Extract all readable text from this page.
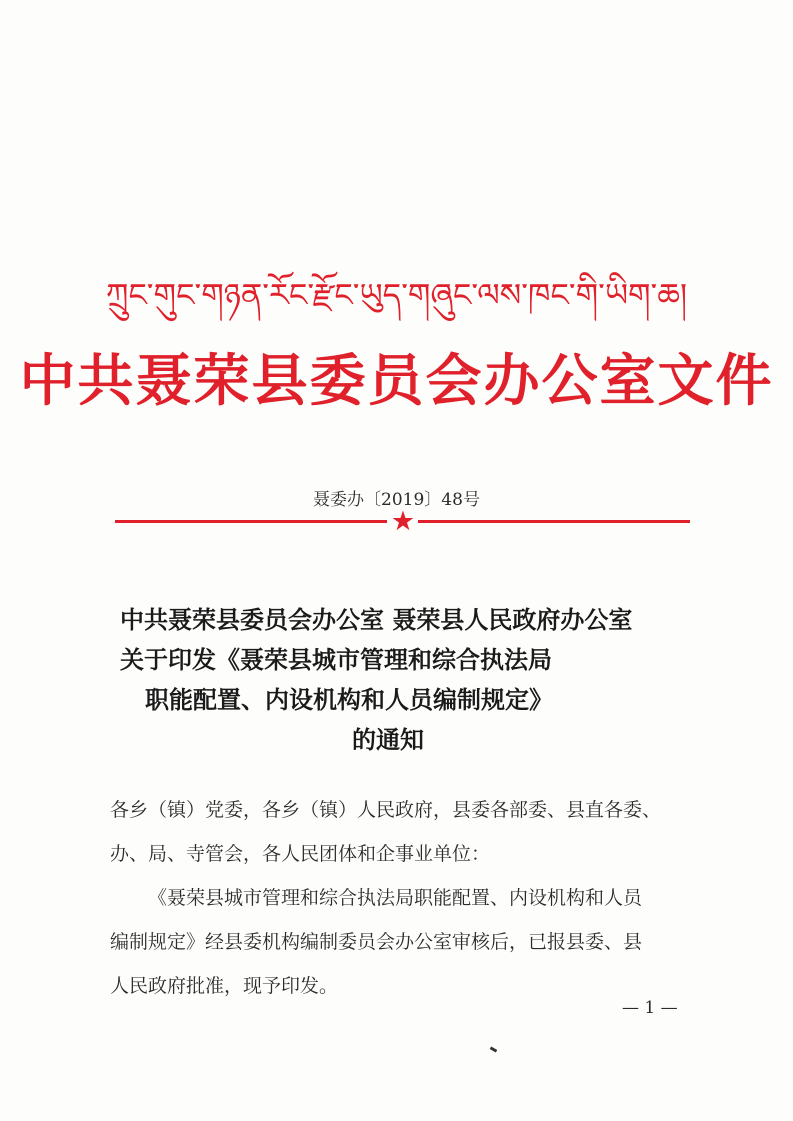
ཀྲུང་གུང་གཉན་རོང་རྫོང་ཡུད་གཞུང་ལས་ཁང་གི་ཡིག་ཆ།
中共聂荣县委员会办公室文件
聂委办〔2019〕48号
★
中共聂荣县委员会办公室 聂荣县人民政府办公室
关于印发《聂荣县城市管理和综合执法局
职能配置、内设机构和人员编制规定》
的通知

各乡（镇）党委，各乡（镇）人民政府，县委各部委、县直各委、

办、局、寺管会，各人民团体和企事业单位：

《聂荣县城市管理和综合执法局职能配置、内设机构和人员

编制规定》经县委机构编制委员会办公室审核后，已报县委、县

人民政府批准，现予印发。

— 1 —
